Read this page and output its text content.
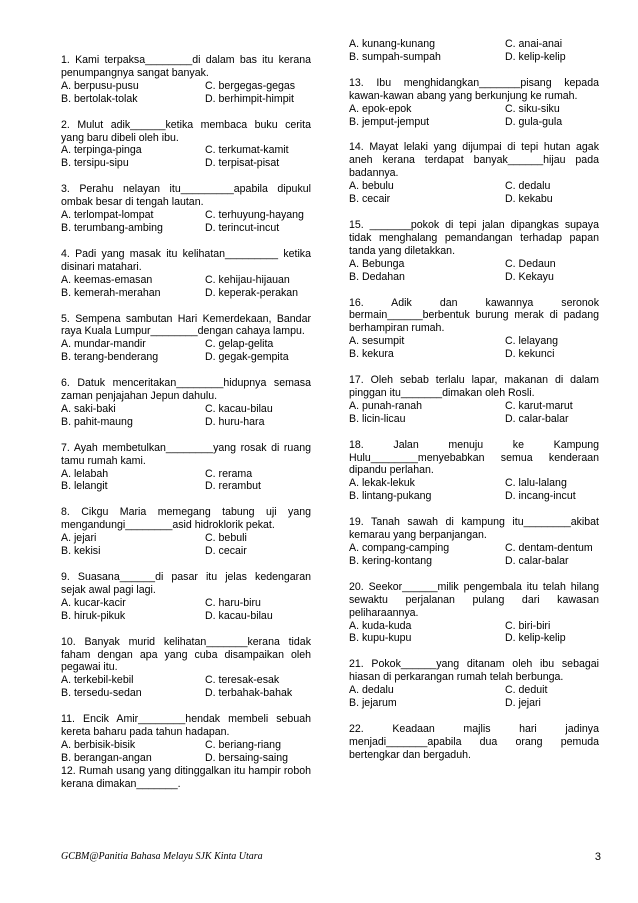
1. Kami terpaksa________di dalam bas itu kerana penumpangnya sangat banyak.
A. berpusu-pusu	C. bergegas-gegas
B. bertolak-tolak	D. berhimpit-himpit
2. Mulut adik______ketika membaca buku cerita yang baru dibeli oleh ibu.
A. terpinga-pinga	C. terkumat-kamit
B. tersipu-sipu	D. terpisat-pisat
3. Perahu nelayan itu_________apabila dipukul ombak besar di tengah lautan.
A. terlompat-lompat	C. terhuyung-hayang
B. terumbang-ambing	D. terincut-incut
4. Padi yang masak itu kelihatan_________ ketika disinari matahari.
A. keemas-emasan	C. kehijau-hijauan
B. kemerah-merahan	D. keperak-perakan
5. Sempena sambutan Hari Kemerdekaan, Bandar raya Kuala Lumpur________dengan cahaya lampu.
A. mundar-mandir	C. gelap-gelita
B. terang-benderang	D. gegak-gempita
6. Datuk menceritakan________hidupnya semasa zaman penjajahan Jepun dahulu.
A. saki-baki	C. kacau-bilau
B. pahit-maung	D. huru-hara
7. Ayah membetulkan________yang rosak di ruang tamu rumah kami.
A. lelabah	C. rerama
B. lelangit	D. rerambut
8. Cikgu Maria memegang tabung uji yang mengandungi________asid hidroklorik pekat.
A. jejari	C. bebuli
B. kekisi	D. cecair
9. Suasana______di pasar itu jelas kedengaran sejak awal pagi lagi.
A. kucar-kacir	C. haru-biru
B. hiruk-pikuk	D. kacau-bilau
10. Banyak murid kelihatan_______kerana tidak faham dengan apa yang cuba disampaikan oleh pegawai itu.
A. terkebil-kebil	C. teresak-esak
B. tersedu-sedan	D. terbahak-bahak
11. Encik Amir________hendak membeli sebuah kereta baharu pada tahun hadapan.
A. berbisik-bisik	C. beriang-riang
B. berangan-angan	D. bersaing-saing
12. Rumah usang yang ditinggalkan itu hampir roboh kerana dimakan_______.
A. kunang-kunang	C. anai-anai
B. sumpah-sumpah	D. kelip-kelip
13. Ibu menghidangkan_______pisang kepada kawan-kawan abang yang berkunjung ke rumah.
A. epok-epok	C. siku-siku
B. jemput-jemput	D. gula-gula
14. Mayat lelaki yang dijumpai di tepi hutan agak aneh kerana terdapat banyak______hijau pada badannya.
A. bebulu	C. dedalu
B. cecair	D. kekabu
15. _______pokok di tepi jalan dipangkas supaya tidak menghalang pemandangan terhadap papan tanda yang diletakkan.
A. Bebunga	C. Dedaun
B. Dedahan	D. Kekayu
16. Adik dan kawannya seronok bermain______berbentuk burung merak di padang berhampiran rumah.
A. sesumpit	C. lelayang
B. kekura	D. kekunci
17. Oleh sebab terlalu lapar, makanan di dalam pinggan itu_______dimakan oleh Rosli.
A. punah-ranah	C. karut-marut
B. licin-licau	D. calar-balar
18. Jalan menuju ke Kampung Hulu________menyebabkan semua kenderaan dipandu perlahan.
A. lekak-lekuk	C. lalu-lalang
B. lintang-pukang	D. incang-incut
19. Tanah sawah di kampung itu________akibat kemarau yang berpanjangan.
A. compang-camping	C. dentam-dentum
B. kering-kontang	D. calar-balar
20. Seekor______milik pengembala itu telah hilang sewaktu perjalanan pulang dari kawasan peliharaannya.
A. kuda-kuda	C. biri-biri
B. kupu-kupu	D. kelip-kelip
21. Pokok______yang ditanam oleh ibu sebagai hiasan di perkarangan rumah telah berbunga.
A. dedalu	C. deduit
B. jejarum	D. jejari
22. Keadaan majlis hari jadinya menjadi_______apabila dua orang pemuda bertengkar dan bergaduh.
GCBM@Panitia Bahasa Melayu SJK Kinta Utara	3
